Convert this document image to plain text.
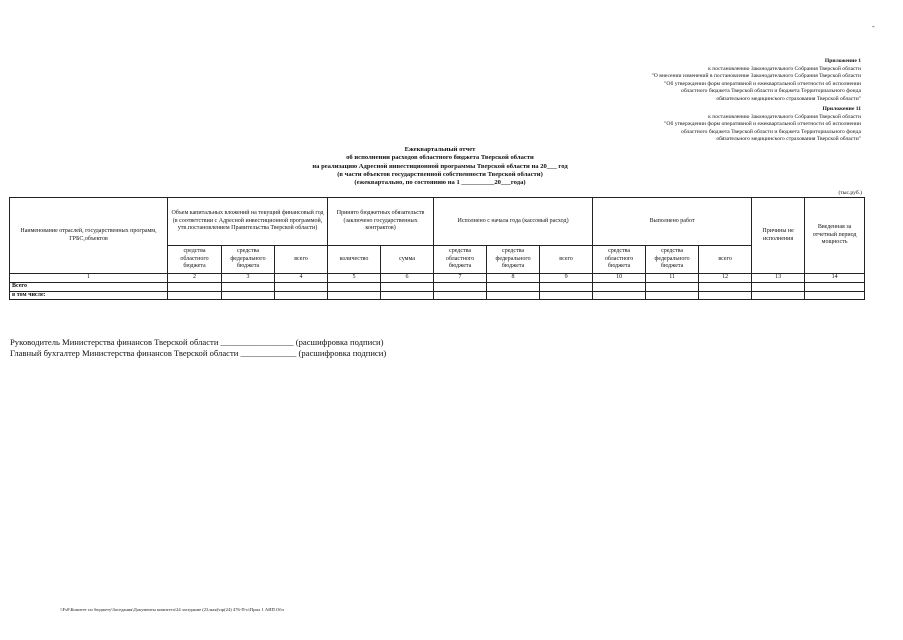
-
Приложение 1
к постановлению Законодательного Собрания Тверской области
"О внесении изменений в постановление Законодательного Собрания Тверской области
"Об утверждении форм оперативной и ежеквартальной отчетности об исполнении
областного бюджета Тверской области и бюджета Территориального фонда
обязательного медицинского страхования Тверской области"
Приложение 11
к постановлению Законодательного Собрания Тверской области
"Об утверждении форм оперативной и ежеквартальной отчетности об исполнении
областного бюджета Тверской области и бюджета Территориального фонда
обязательного медицинского страхования Тверской области"
Ежеквартальный отчет
об исполнении расходов областного бюджета Тверской области
на реализацию Адресной инвестиционной программы Тверской области на 20___ год
(в части объектов государственной собственности Тверской области)
(ежеквартально, по состоянию на 1 __________20___года)
(тыс.руб.)
Наименование отраслей, государственных программ, ГРБС,объектов	Объем капитальных вложений на текущий финансовый год (в соответствии с Адресной инвестиционной программой, утв.постановлением Правительства Тверской области)			Принято бюджетных обязательств (заключено государственных контрактов)		Исполнено с начала года (кассовый расход)			Выполнено работ			Причины не исполнения	Введенная за отчетный период мощность
	средства областного бюджета	средства федерального бюджета	всего	количество	сумма	средства областного бюджета	средства федерального бюджета	всего	средства областного бюджета	средства федерального бюджета	всего		
1	2	3	4	5	6	7	8	9	10	11	12	13	14
Всего													
в том числе:													
Руководитель Министерства финансов Тверской области _________________ (расшифровка подписи)
Главный бухгалтер Министерства финансов Тверской области _____________ (расшифровка подписи)
\\Fs0\Комитет по бюджету\Заседания\Документы комитета\24 заседание (23.мая)\пр(24) 476-П-п\Прил 1 АИП.Обл
